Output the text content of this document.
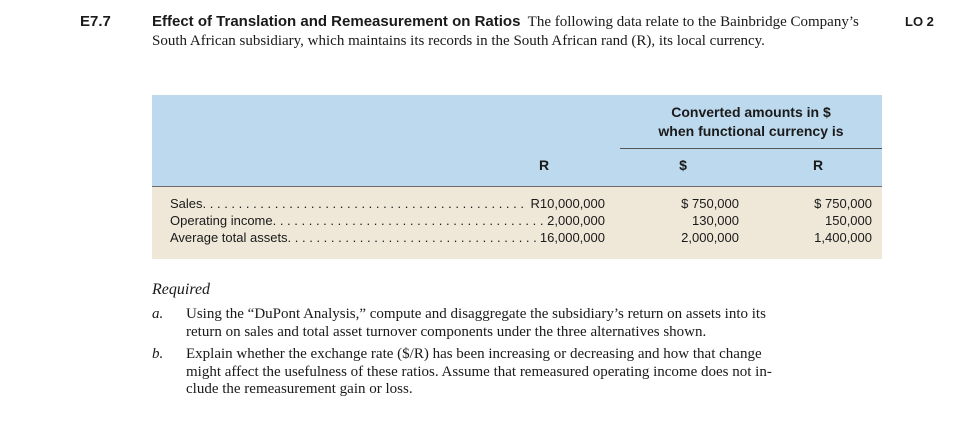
E7.7	LO 2
Effect of Translation and Remeasurement on Ratios The following data relate to the Bainbridge Company’s South African subsidiary, which maintains its records in the South African rand (R), its local currency.
Converted amounts in $
when functional currency is
R	$	R
Sales. . . . . . . . . . . . . . . . . . . . . . . . . . . . . . . . . . . . . . . . . . . . . R10,000,000	$ 750,000	$ 750,000
Operating income. . . . . . . . . . . . . . . . . . . . . . . . . . . . . . . . . . . . . . 2,000,000	130,000	150,000
Average total assets. . . . . . . . . . . . . . . . . . . . . . . . . . . . . . . . . . . 16,000,000	2,000,000	1,400,000
Required
a. Using the “DuPont Analysis,” compute and disaggregate the subsidiary’s return on assets into its
return on sales and total asset turnover components under the three alternatives shown.
b. Explain whether the exchange rate ($/R) has been increasing or decreasing and how that change
might affect the usefulness of these ratios. Assume that remeasured operating income does not in-
clude the remeasurement gain or loss.
